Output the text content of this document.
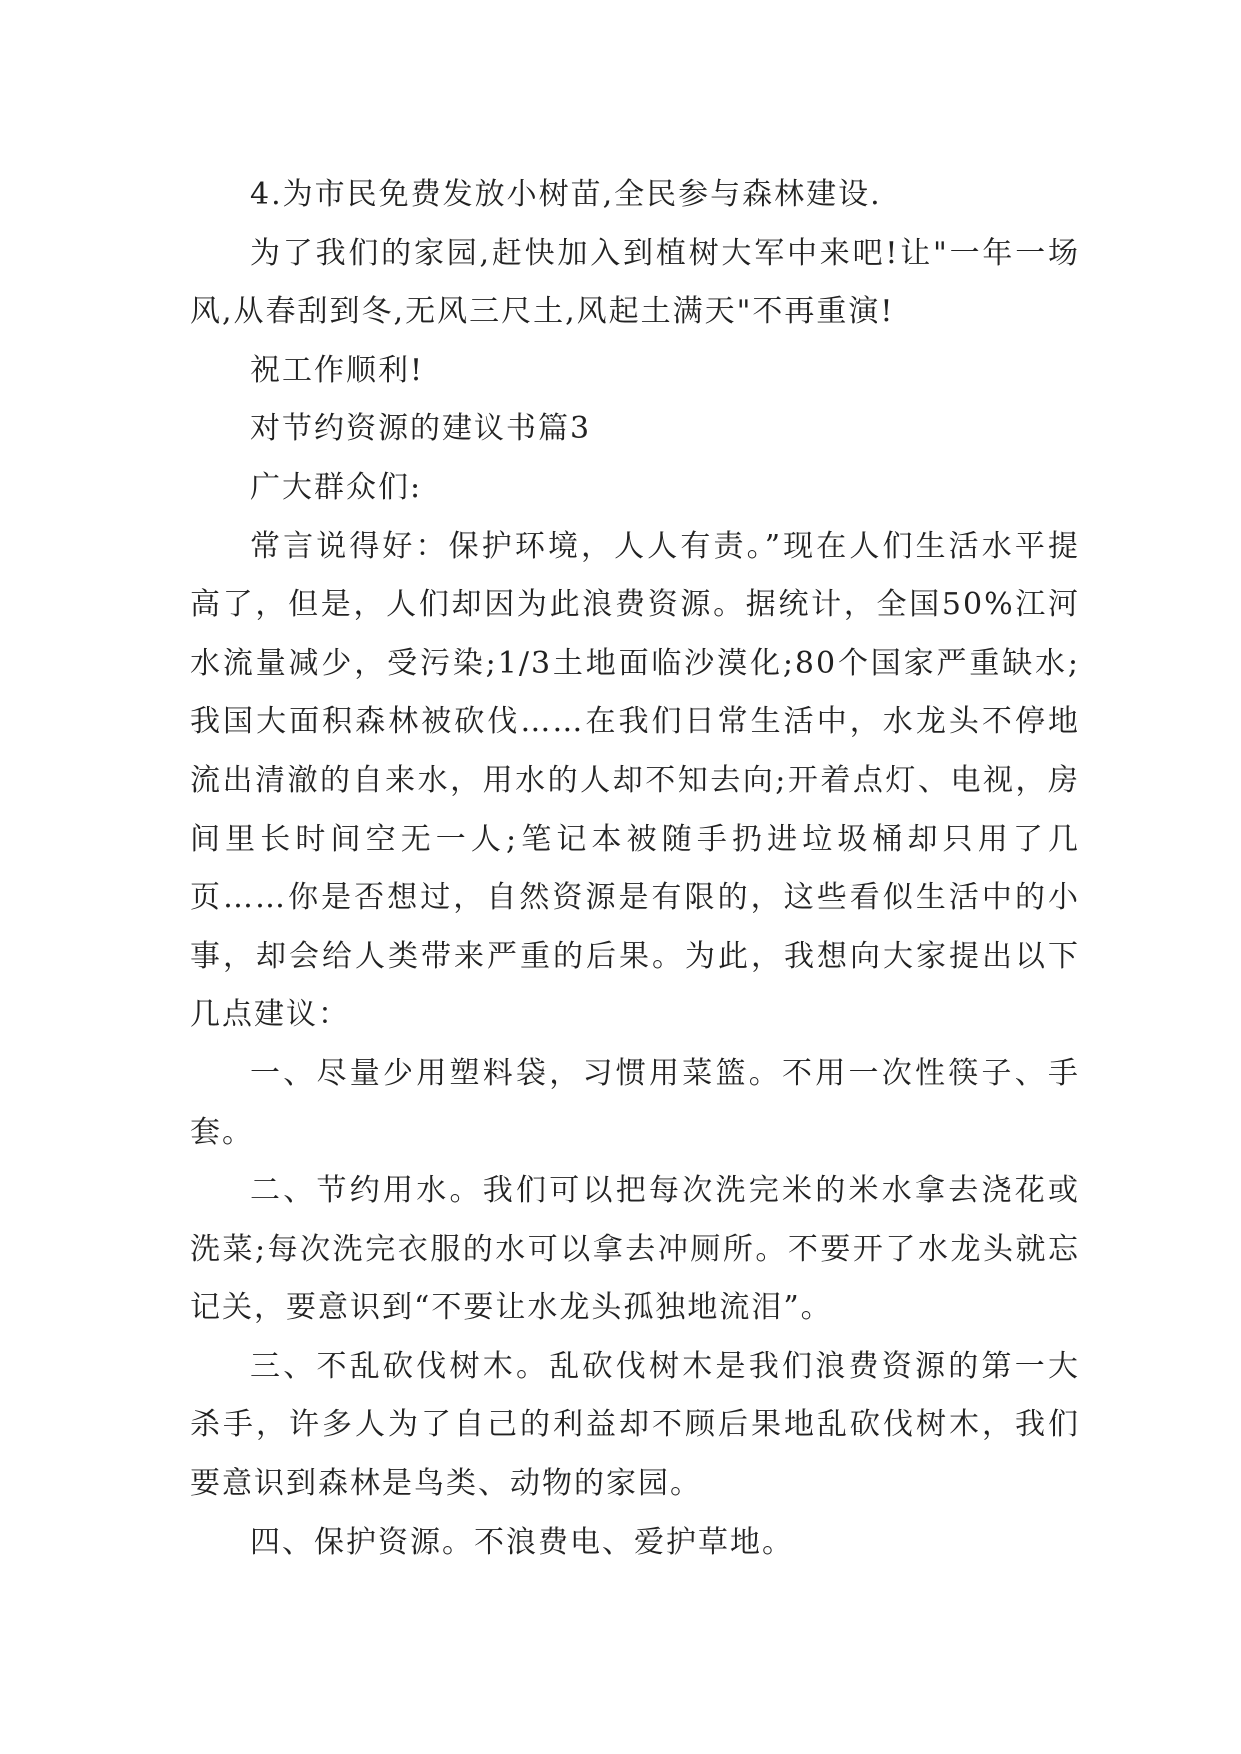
4.为市民免费发放小树苗,全民参与森林建设.

为了我们的家园,赶快加入到植树大军中来吧!让"一年一场风,从春刮到冬,无风三尺土,风起土满天"不再重演!

祝工作顺利!

对节约资源的建议书篇3

广大群众们:

常言说得好：保护环境，人人有责。”现在人们生活水平提高了，但是，人们却因为此浪费资源。据统计，全国50%江河水流量减少，受污染;1/3土地面临沙漠化;80个国家严重缺水;我国大面积森林被砍伐……在我们日常生活中，水龙头不停地流出清澈的自来水，用水的人却不知去向;开着点灯、电视，房间里长时间空无一人;笔记本被随手扔进垃圾桶却只用了几页……你是否想过，自然资源是有限的，这些看似生活中的小事，却会给人类带来严重的后果。为此，我想向大家提出以下几点建议：

一、尽量少用塑料袋，习惯用菜篮。不用一次性筷子、手套。

二、节约用水。我们可以把每次洗完米的米水拿去浇花或洗菜;每次洗完衣服的水可以拿去冲厕所。不要开了水龙头就忘记关，要意识到“不要让水龙头孤独地流泪”。

三、不乱砍伐树木。乱砍伐树木是我们浪费资源的第一大杀手，许多人为了自己的利益却不顾后果地乱砍伐树木，我们要意识到森林是鸟类、动物的家园。

四、保护资源。不浪费电、爱护草地。
